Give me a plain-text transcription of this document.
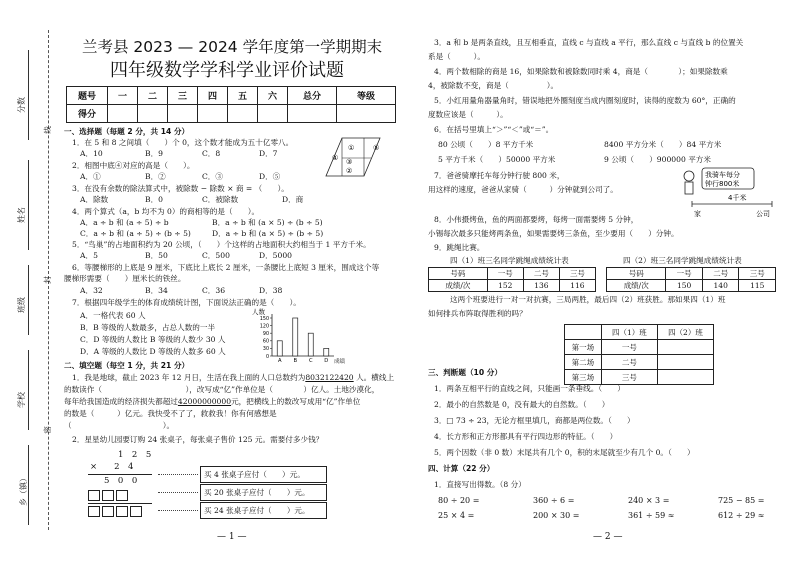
分数
姓名
班级
学校
乡（镇）
线
封
密
兰考县 2023 — 2024 学年度第一学期期末
四年级数学学科学业评价试题
题号	一	二	三	四	五	六	总分	等级
得分								
一、选择题（每题 2 分，共 14 分）
1．在 5 和 8 之间填（　　）个 0，这个数才能成为五十亿零八。
A．10	B．9	C．8	D．7
2．相图中底④对应的高是（　　）。
A．①	B．②	C．③	D．⑤
①
③
②
⑤
④
3．在没有余数的除法算式中，被除数 − 除数 × 商 = （　　）。
A．除数	B．0	C．被除数	D．商
4．两个算式（a，b 均不为 0）的商相等的是（　　）。
A．a ÷ b 和 (a ÷ 5) ÷ b	B．a ÷ b 和 (a × 5) ÷ (b ÷ 5)
C．a ÷ b 和 (a ÷ 5) ÷ (b ÷ 5)	D．a ÷ b 和 (a × 5) ÷ (b ÷ 5)
5．“鸟巢”的占地面积约为 20 公顷，（　　）个这样的占地面积大约相当于 1 平方千米。
A．5	B．50	C．500	D．5000
6．等腰梯形的上底是 9 厘米，下底比上底长 2 厘米，一条腰比上底短 3 厘米，围成这个等
腰梯形需要（　　）厘米长的铁丝。
A．32	B．34	C．36	D．38
7．根据四年级学生的体育成绩统计图，下面说法正确的是（　　）。
A．一格代表 60 人
B．B 等级的人数最多，占总人数的一半
C．D 等级的人数比 B 等级的人数少 30 人
D．A 等级的人数比 D 等级的人数多 60 人
人数
0
30
60
90
120
150
A B C D 成绩
二、填空题（每空 1 分，共 21 分）
1．我是地球，截止 2023 年 12 月日，生活在我上面的人口总数约为8032122420 人。横线上
的数读作（　　　　　　　　　　　），改写成“亿”作单位是（　　　　）亿人。土地沙漠化，
每年给我国造成的经济损失都超过42000000000元，把横线上的数改写成用“亿”作单位
的数是（　　　）亿元。我快受不了了，救救我！你有何感想是
（　　　　　　　　　　　　）。
2．星星幼儿园要订购 24 张桌子，每张桌子售价 125 元。需要付多少钱？
1　2　5
×　　2　4
5　0　0
买 4 张桌子应付（　　）元。
买 20 张桌子应付（　　）元。
买 24 张桌子应付（　　）元。
— 1 —
3．a 和 b 是两条直线，且互相垂直，直线 c 与直线 a 平行，那么直线 c 与直线 b 的位置关
系是（　　　）。
4．两个数相除的商是 16，如果除数和被除数同时乘 4，商是（　　　　）；如果除数乘
4，被除数不变，商是（　　　　　）。
5．小红用量角器量角时，错误地把外圈刻度当成内圈刻度时，读得的度数为 60°，正确的
度数应该是（　　　）。
6．在括号里填上“＞”“＜”或“＝”。
80 公顷（　　）8 平方千米	8400 平方分米（　　）84 平方米
5 平方千米（　　）50000 平方米	9 公顷（　　）900000 平方米
7．爸爸骑摩托车每分钟行驶 800 米，
用这样的速度，爸爸从家骑（　　　）分钟就到公司了。
我骑车每分
钟行800米
4千米
家	公司
8．小伟摄烤鱼，鱼的两面都要烤，每烤一面需要烤 5 分钟，
小锡每次最多只能烤两条鱼，如果需要烤三条鱼，至少要用（　　）分钟。
9．跳绳比赛。
四（1）班三名同学跳绳成绩统计表
号码	一号	二号	三号
成绩/次	152	136	116
四（2）班三名同学跳绳成绩统计表
号码	一号	二号	三号
成绩/次	150	140	115
这两个班要进行一对一对抗赛，三局两胜，最后四（2）班获胜。那如果四（1）班
如何排兵布阵取得胜利的吗？
	四（1）班	四（2）班
第一场	一号	
第二场	二号	
第三场	三号	
三、判断题（10 分）
1．两条互相平行的直线之间，只能画一条垂线。（　　）
2．最小的自然数是 0，没有最大的自然数。（　　）
3．□ 73 ÷ 23，无论方框里填几，商都是两位数。（　　）
4．长方形和正方形都具有平行四边形的特征。（　　）
5．两个因数（非 0 数）末尾共有几个 0，积的末尾就至少有几个 0。（　　）
四、计算（22 分）
1．直接写出得数。（8 分）
80 ÷ 20 =	360 ÷ 6 =	240 × 3 =	725 − 85 =
25 × 4 =	200 × 30 =	361 ÷ 59 ≈	612 ÷ 29 ≈
— 2 —
